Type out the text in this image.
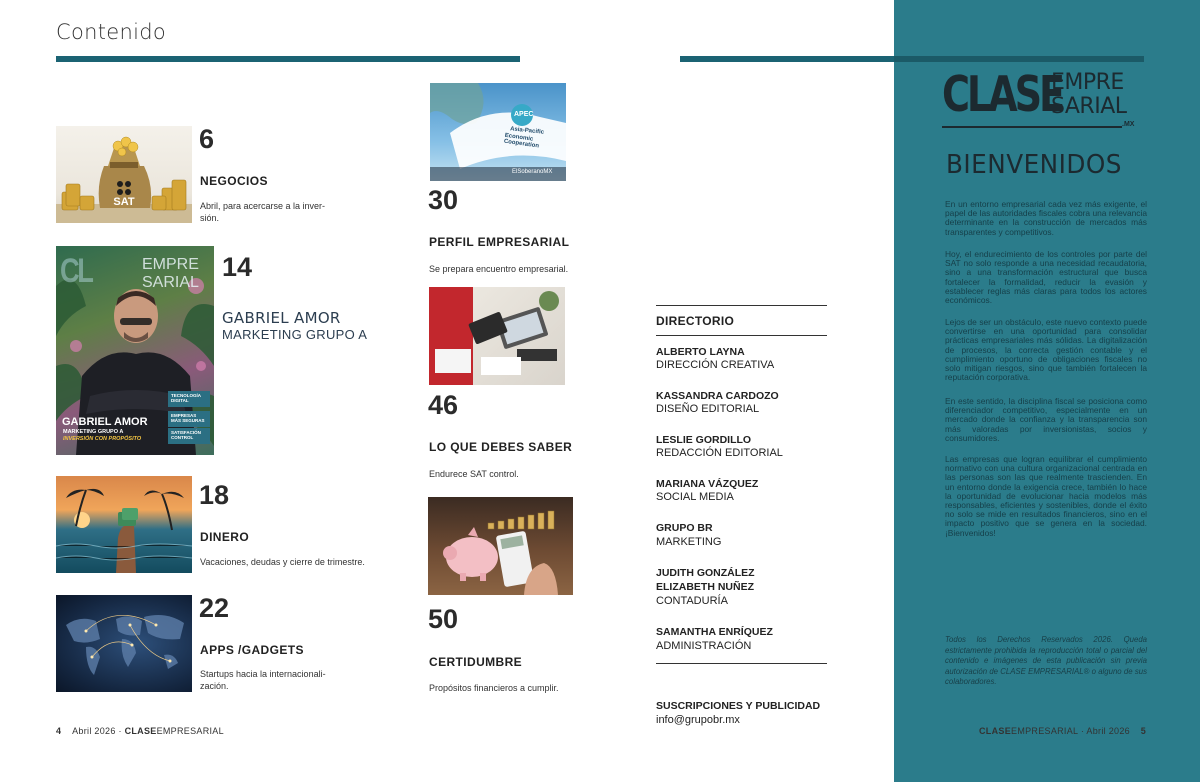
Contenido
CLASE
EMPRE
SARIAL
.MX
BIENVENIDOS
En un entorno empresarial cada vez más exigente, el papel de las autoridades fiscales cobra una relevancia determinante en la construcción de mercados más transparentes y competitivos.
Hoy, el endurecimiento de los controles por parte del SAT no solo responde a una necesidad recaudatoria, sino a una transformación estructural que busca fortalecer la formalidad, reducir la evasión y establecer reglas más claras para todos los actores económicos.
Lejos de ser un obstáculo, este nuevo contexto puede convertirse en una oportunidad para consolidar prácticas empresariales más sólidas. La digitalización de procesos, la correcta gestión contable y el cumplimiento oportuno de obligaciones fiscales no solo mitigan riesgos, sino que también fortalecen la reputación corporativa.
En este sentido, la disciplina fiscal se posiciona como diferenciador competitivo, especialmente en un mercado donde la confianza y la transparencia son más valoradas por inversionistas, socios y consumidores.
Las empresas que logran equilibrar el cumplimiento normativo con una cultura organizacional centrada en las personas son las que realmente trascienden. En un entorno donde la exigencia crece, también lo hace la oportunidad de evolucionar hacia modelos más responsables, eficientes y sostenibles, donde el éxito no solo se mide en resultados financieros, sino en el impacto positivo que se genera en la sociedad. ¡Bienvenidos!
Todos los Derechos Reservados 2026. Queda estrictamente prohibida la reproducción total o parcial del contenido e imágenes de esta publicación sin previa autorización de CLASE EMPRESARIAL® o alguno de sus colaboradores.
SAT
6
NEGOCIOS
Abril, para acercarse a la inver-sión.
CL	EMPRE
SARIAL
TECNOLOGÍA DIGITAL
EMPRESAS MÁS SEGURAS
SATISFACIÓN CONTROL
GABRIEL AMOR
MARKETING GRUPO A
INVERSIÓN CON PROPÓSITO
14
GABRIEL AMOR
MARKETING GRUPO A
18
DINERO
Vacaciones, deudas y cierre de trimestre.
22
APPS /GADGETS
Startups hacia la internacionali-zación.
APEC
Asia-Pacific
Economic Cooperation
ElSoberanoMX
30
PERFIL EMPRESARIAL
Se prepara encuentro empresarial.
46
LO QUE DEBES SABER
Endurece SAT control.
50
CERTIDUMBRE
Propósitos financieros a cumplir.
DIRECTORIO
ALBERTO LAYNA
DIRECCIÓN CREATIVA
KASSANDRA CARDOZO
DISEÑO EDITORIAL
LESLIE GORDILLO
REDACCIÓN EDITORIAL
MARIANA VÁZQUEZ
SOCIAL MEDIA
GRUPO BR
MARKETING
JUDITH GONZÁLEZ
ELIZABETH NUÑEZ
CONTADURÍA
SAMANTHA ENRÍQUEZ
ADMINISTRACIÓN
SUSCRIPCIONES Y PUBLICIDAD
info@grupobr.mx
4 Abril 2026 · CLASEEMPRESARIAL	CLASEEMPRESARIAL · Abril 2026 5
